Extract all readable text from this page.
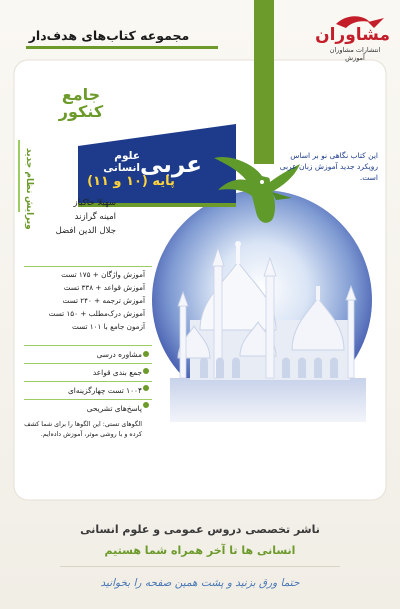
مجموعه کتاب‌های هدف‌دار	مشاوران
انتشارات مشاوران آموزش
جامع
کنکور
عربی
علوم انسانی
پایه (۱۰ و ۱۱)
نظام جدید
ویرایش	سهیلا خاکباز
امینه گرازند
جلال الدین افضل
این کتاب نگاهی نو بر اساس رویکرد جدید آموزش زبان عربی است.
آموزش واژگان + ۱۷۵ تست
آموزش قواعد + ۳۳۸ تست
آموزش ترجمه + ۲۴۰ تست
آموزش درک‌مطلب + ۱۵۰ تست
آزمون جامع با ۱۰۱ تست
مشاوره درسی
جمع بندی قواعد
۱۰۰۴ تست چهارگزینه‌ای
پاسخ‌های تشریحی
الگوهای تستی: این الگوها را برای شما کشف کرده و با روشی موثر، آموزش داده‌ایم.
ناشر تخصصی دروس عمومی و علوم انسانی
انسانی ها تا آخر همراه شما هستیم
حتما ورق بزنید و پشت همین صفحه را بخوانید
